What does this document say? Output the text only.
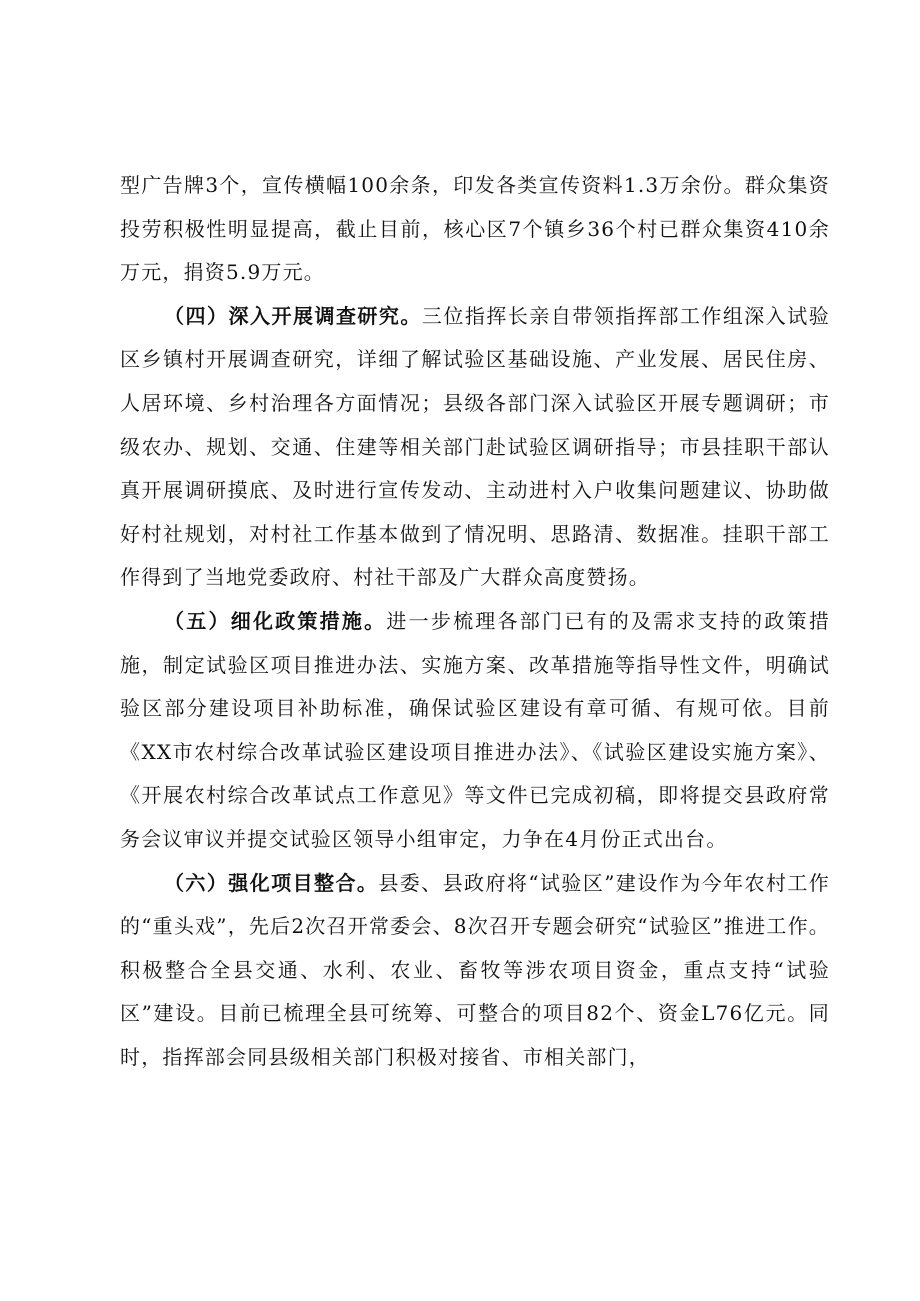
型广告牌3个，宣传横幅100余条，印发各类宣传资料1.3万余份。群众集资投劳积极性明显提高，截止目前，核心区7个镇乡36个村已群众集资410余万元，捐资5.9万元。

（四）深入开展调查研究。三位指挥长亲自带领指挥部工作组深入试验区乡镇村开展调查研究，详细了解试验区基础设施、产业发展、居民住房、人居环境、乡村治理各方面情况；县级各部门深入试验区开展专题调研；市级农办、规划、交通、住建等相关部门赴试验区调研指导；市县挂职干部认真开展调研摸底、及时进行宣传发动、主动进村入户收集问题建议、协助做好村社规划，对村社工作基本做到了情况明、思路清、数据准。挂职干部工作得到了当地党委政府、村社干部及广大群众高度赞扬。

（五）细化政策措施。进一步梳理各部门已有的及需求支持的政策措施，制定试验区项目推进办法、实施方案、改革措施等指导性文件，明确试验区部分建设项目补助标准，确保试验区建设有章可循、有规可依。目前《XX市农村综合改革试验区建设项目推进办法》、《试验区建设实施方案》、《开展农村综合改革试点工作意见》等文件已完成初稿，即将提交县政府常务会议审议并提交试验区领导小组审定，力争在4月份正式出台。

（六）强化项目整合。县委、县政府将“试验区”建设作为今年农村工作的“重头戏”，先后2次召开常委会、8次召开专题会研究“试验区”推进工作。积极整合全县交通、水利、农业、畜牧等涉农项目资金，重点支持“试验区”建设。目前已梳理全县可统筹、可整合的项目82个、资金L76亿元。同时，指挥部会同县级相关部门积极对接省、市相关部门，
